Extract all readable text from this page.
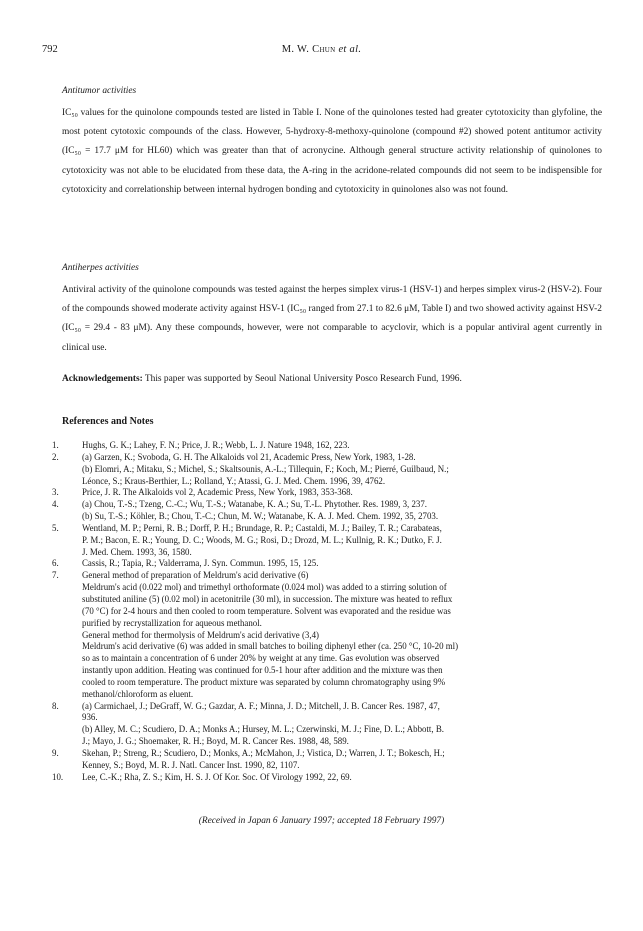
792	M. W. Chun et al.
Antitumor activities
IC₅₀ values for the quinolone compounds tested are listed in Table I. None of the quinolones tested had greater cytotoxicity than glyfoline, the most potent cytotoxic compounds of the class. However, 5-hydroxy-8-methoxy-quinolone (compound #2) showed potent antitumor activity (IC₅₀ = 17.7 μM for HL60) which was greater than that of acronycine. Although general structure activity relationship of quinolones to cytotoxicity was not able to be elucidated from these data, the A-ring in the acridone-related compounds did not seem to be indispensible for cytotoxicity and correlationship between internal hydrogen bonding and cytotoxicity in quinolones also was not found.
Antiherpes activities
Antiviral activity of the quinolone compounds was tested against the herpes simplex virus-1 (HSV-1) and herpes simplex virus-2 (HSV-2). Four of the compounds showed moderate activity against HSV-1 (IC₅₀ ranged from 27.1 to 82.6 μM, Table I) and two showed activity against HSV-2 (IC₅₀ = 29.4 - 83 μM). Any these compounds, however, were not comparable to acyclovir, which is a popular antiviral agent currently in clinical use.
Acknowledgements: This paper was supported by Seoul National University Posco Research Fund, 1996.
References and Notes
1.	Hughs, G. K.; Lahey, F. N.; Price, J. R.; Webb, L. J. Nature 1948, 162, 223.
2.	(a) Garzen, K.; Svoboda, G. H. The Alkaloids vol 21, Academic Press, New York, 1983, 1-28.
(b) Elomri, A.; Mitaku, S.; Michel, S.; Skaltsounis, A.-L.; Tillequin, F.; Koch, M.; Pierré, Guilbaud, N.;
Léonce, S.; Kraus-Berthier, L.; Rolland, Y.; Atassi, G. J. Med. Chem. 1996, 39, 4762.
3.	Price, J. R. The Alkaloids vol 2, Academic Press, New York, 1983, 353-368.
4.	(a) Chou, T.-S.; Tzeng, C.-C.; Wu, T.-S.; Watanabe, K. A.; Su, T.-L. Phytother. Res. 1989, 3, 237.
(b) Su, T.-S.; Köhler, B.; Chou, T.-C.; Chun, M. W.; Watanabe, K. A. J. Med. Chem. 1992, 35, 2703.
5.	Wentland, M. P.; Perni, R. B.; Dorff, P. H.; Brundage, R. P.; Castaldi, M. J.; Bailey, T. R.; Carabateas,
P. M.; Bacon, E. R.; Young, D. C.; Woods, M. G.; Rosi, D.; Drozd, M. L.; Kullnig, R. K.; Dutko, F. J.
J. Med. Chem. 1993, 36, 1580.
6.	Cassis, R.; Tapia, R.; Valderrama, J. Syn. Commun. 1995, 15, 125.
7.	General method of preparation of Meldrum's acid derivative (6)
Meldrum's acid (0.022 mol) and trimethyl orthoformate (0.024 mol) was added to a stirring solution of
substituted aniline (5) (0.02 mol) in acetonitrile (30 ml), in succession. The mixture was heated to reflux
(70 °C) for 2-4 hours and then cooled to room temperature. Solvent was evaporated and the residue was
purified by recrystallization for aqueous methanol.
General method for thermolysis of Meldrum's acid derivative (3,4)
Meldrum's acid derivative (6) was added in small batches to boiling diphenyl ether (ca. 250 °C, 10-20 ml)
so as to maintain a concentration of 6 under 20% by weight at any time. Gas evolution was observed
instantly upon addition. Heating was continued for 0.5-1 hour after addition and the mixture was then
cooled to room temperature. The product mixture was separated by column chromatography using 9%
methanol/chloroform as eluent.
8.	(a) Carmichael, J.; DeGraff, W. G.; Gazdar, A. F.; Minna, J. D.; Mitchell, J. B. Cancer Res. 1987, 47,
936.
(b) Alley, M. C.; Scudiero, D. A.; Monks A.; Hursey, M. L.; Czerwinski, M. J.; Fine, D. L.; Abbott, B.
J.; Mayo, J. G.; Shoemaker, R. H.; Boyd, M. R. Cancer Res. 1988, 48, 589.
9.	Skehan, P.; Streng, R.; Scudiero, D.; Monks, A.; McMahon, J.; Vistica, D.; Warren, J. T.; Bokesch, H.;
Kenney, S.; Boyd, M. R. J. Natl. Cancer Inst. 1990, 82, 1107.
10.	Lee, C.-K.; Rha, Z. S.; Kim, H. S. J. Of Kor. Soc. Of Virology 1992, 22, 69.
(Received in Japan 6 January 1997; accepted 18 February 1997)
